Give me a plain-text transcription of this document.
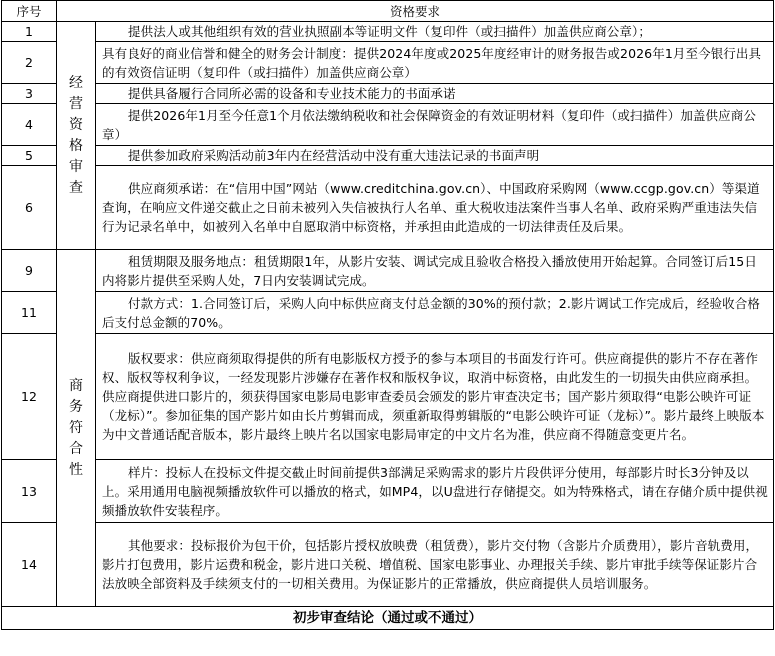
序号	资格要求	
1	经营资格审查	提供法人或其他组织有效的营业执照副本等证明文件（复印件（或扫描件）加盖供应商公章）；
2		具有良好的商业信誉和健全的财务会计制度：提供2024年度或2025年度经审计的财务报告或2026年1月至今银行出具的有效资信证明（复印件（或扫描件）加盖供应商公章）
3		提供具备履行合同所必需的设备和专业技术能力的书面承诺
4		提供2026年1月至今任意1个月依法缴纳税收和社会保障资金的有效证明材料（复印件（或扫描件）加盖供应商公章）
5		提供参加政府采购活动前3年内在经营活动中没有重大违法记录的书面声明
6		供应商须承诺：在“信用中国”网站（www.creditchina.gov.cn）、中国政府采购网（www.ccgp.gov.cn）等渠道查询，在响应文件递交截止之日前未被列入失信被执行人名单、重大税收违法案件当事人名单、政府采购严重违法失信行为记录名单中，如被列入名单中自愿取消中标资格，并承担由此造成的一切法律责任及后果。
9	商务符合性	租赁期限及服务地点：租赁期限1年，从影片安装、调试完成且验收合格投入播放使用开始起算。合同签订后15日内将影片提供至采购人处，7日内安装调试完成。
11		付款方式：1.合同签订后，采购人向中标供应商支付总金额的30%的预付款；2.影片调试工作完成后，经验收合格后支付总金额的70%。
12		版权要求：供应商须取得提供的所有电影版权方授予的参与本项目的书面发行许可。供应商提供的影片不存在著作权、版权等权利争议，一经发现影片涉嫌存在著作权和版权争议，取消中标资格，由此发生的一切损失由供应商承担。供应商提供进口影片的，须获得国家电影局电影审查委员会颁发的影片审查决定书；国产影片须取得“电影公映许可证（龙标）”。参加征集的国产影片如由长片剪辑而成，须重新取得剪辑版的“电影公映许可证（龙标）”。影片最终上映版本为中文普通话配音版本，影片最终上映片名以国家电影局审定的中文片名为准，供应商不得随意变更片名。
13		样片：投标人在投标文件提交截止时间前提供3部满足采购需求的影片片段供评分使用，每部影片时长3分钟及以上。采用通用电脑视频播放软件可以播放的格式，如MP4，以U盘进行存储提交。如为特殊格式，请在存储介质中提供视频播放软件安装程序。
14		其他要求：投标报价为包干价，包括影片授权放映费（租赁费），影片交付物（含影片介质费用），影片音轨费用，影片打包费用，影片运费和税金，影片进口关税、增值税、国家电影事业、办理报关手续、影片审批手续等保证影片合法放映全部资料及手续须支付的一切相关费用。为保证影片的正常播放，供应商提供人员培训服务。
初步审查结论（通过或不通过）		
